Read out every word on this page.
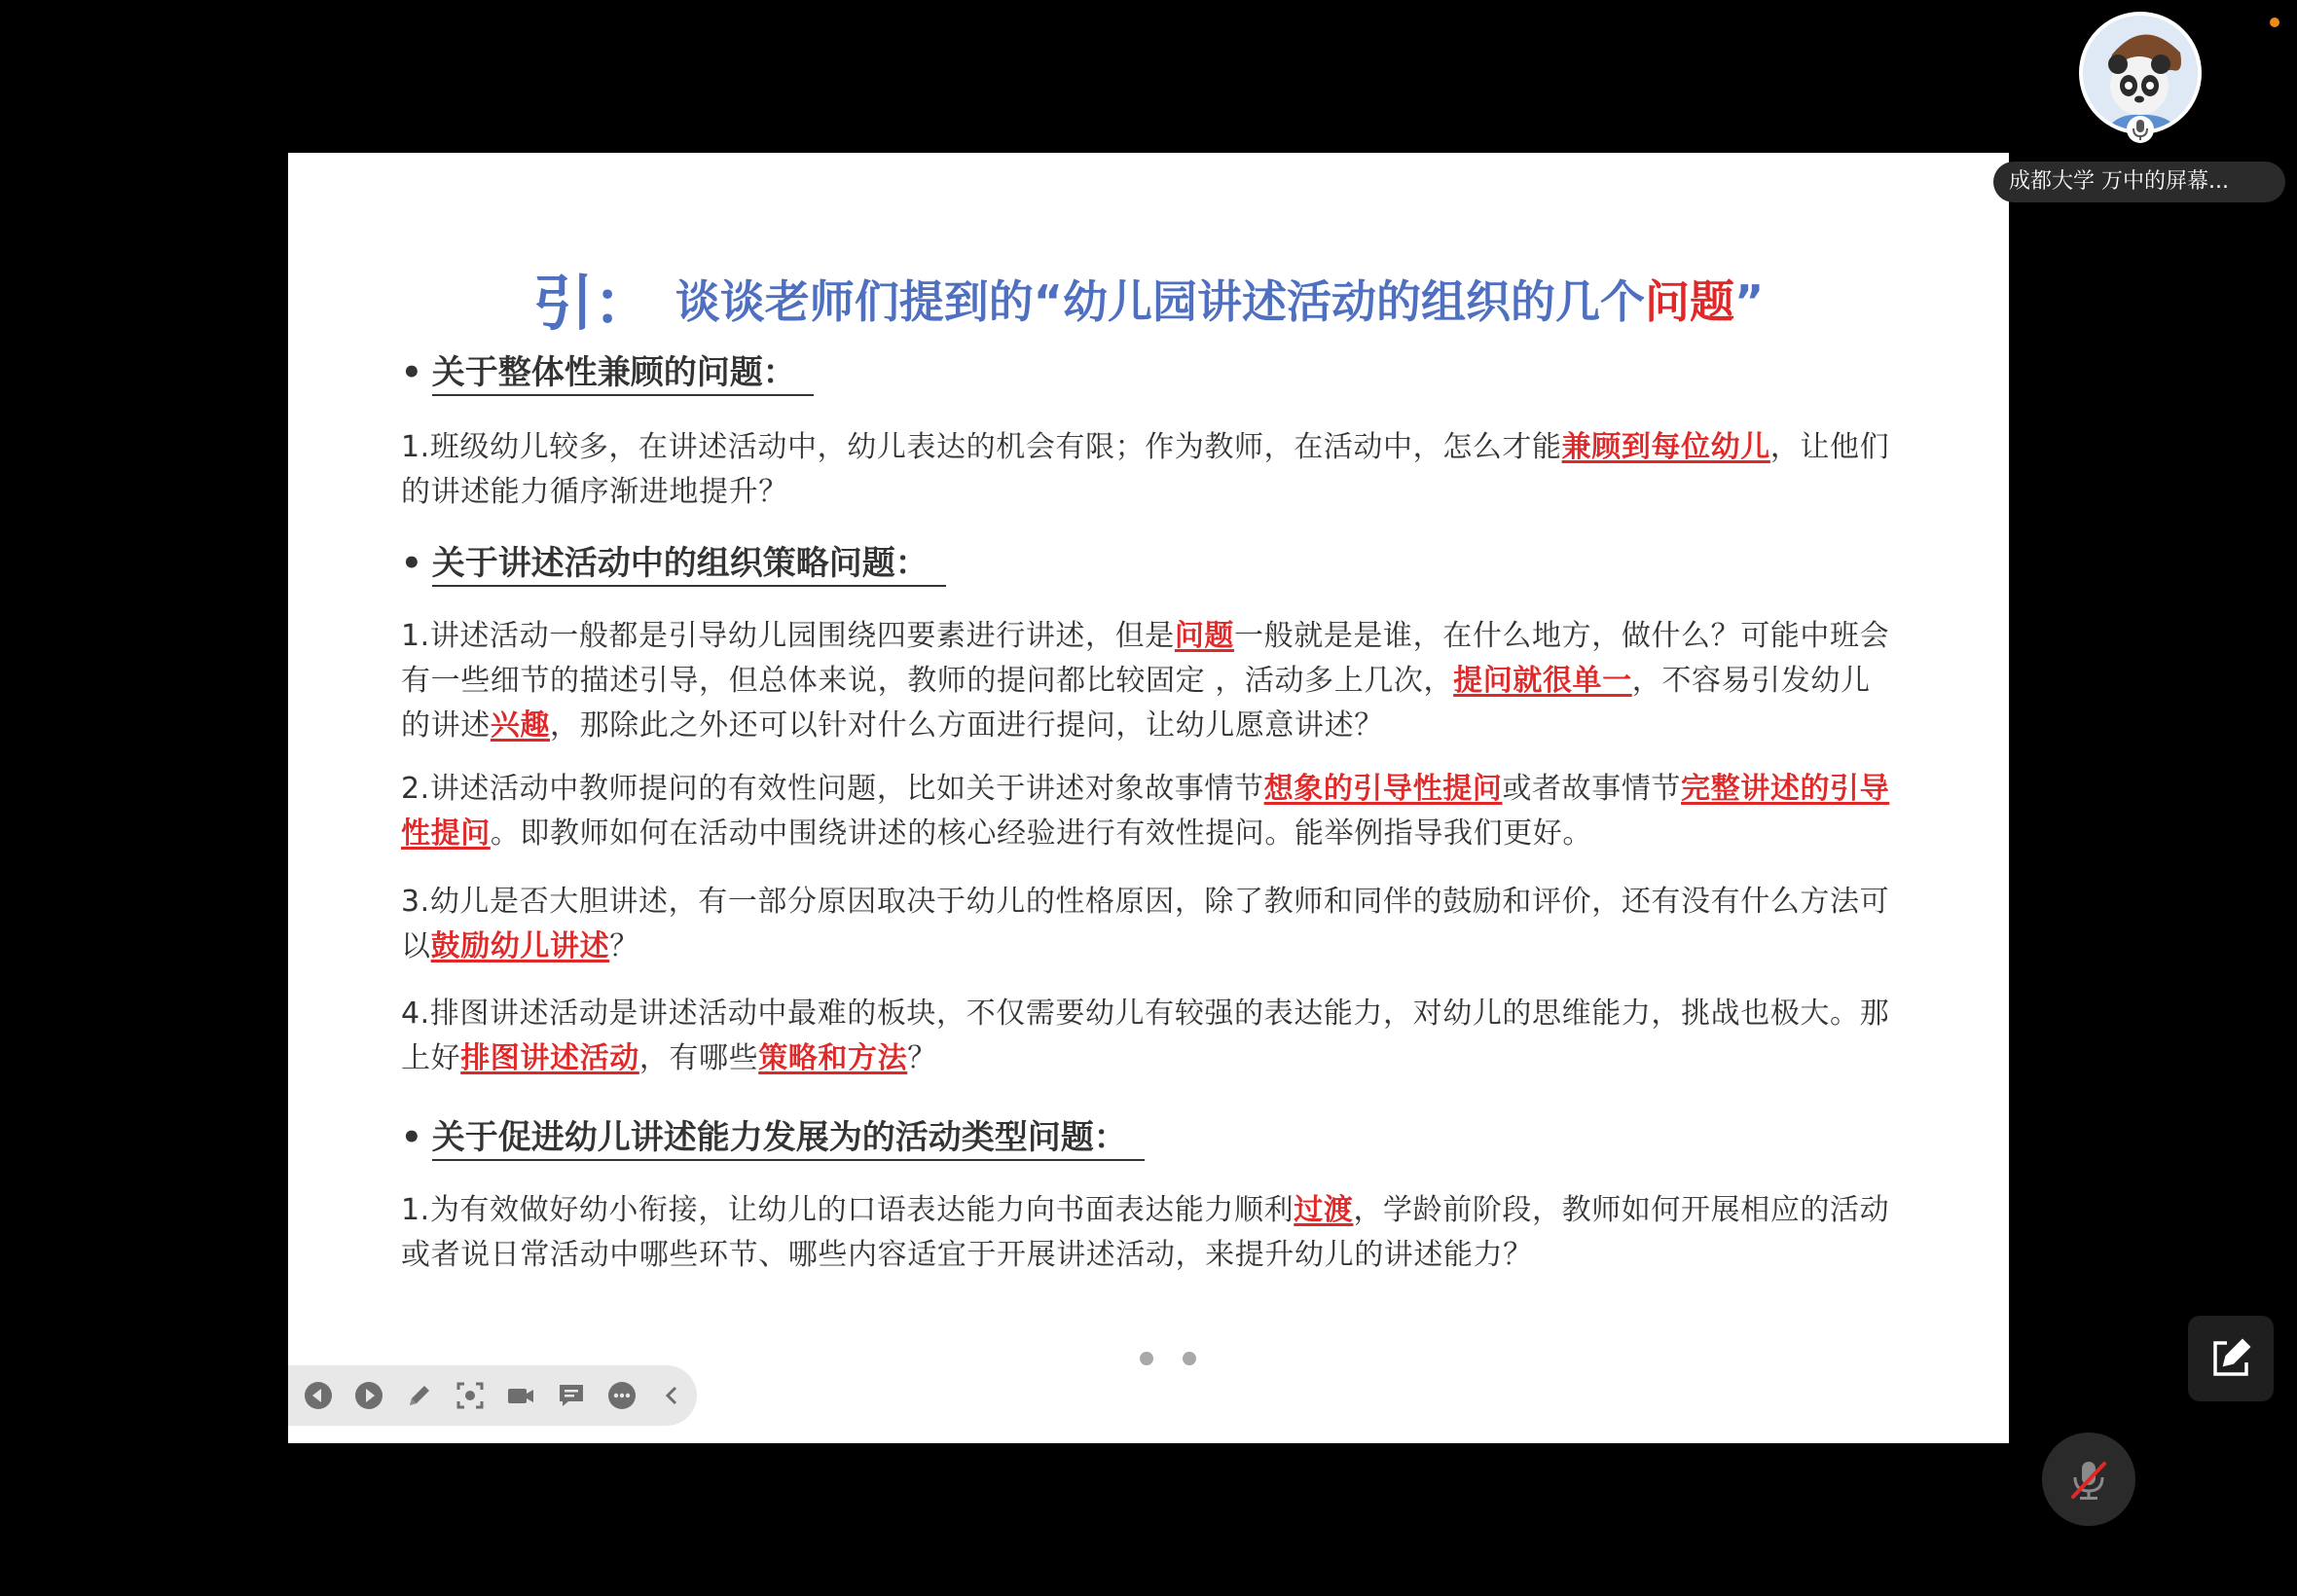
引： 谈谈老师们提到的“幼儿园讲述活动的组织的几个问题”
• 关于整体性兼顾的问题：
1.班级幼儿较多，在讲述活动中，幼儿表达的机会有限；作为教师，在活动中，怎么才能兼顾到每位幼儿，让他们的讲述能力循序渐进地提升？
• 关于讲述活动中的组织策略问题：
1.讲述活动一般都是引导幼儿园围绕四要素进行讲述，但是问题一般就是是谁，在什么地方，做什么？可能中班会有一些细节的描述引导，但总体来说，教师的提问都比较固定 ，活动多上几次，提问就很单一，不容易引发幼儿的讲述兴趣，那除此之外还可以针对什么方面进行提问，让幼儿愿意讲述？
2.讲述活动中教师提问的有效性问题，比如关于讲述对象故事情节想象的引导性提问或者故事情节完整讲述的引导性提问。即教师如何在活动中围绕讲述的核心经验进行有效性提问。能举例指导我们更好。
3.幼儿是否大胆讲述，有一部分原因取决于幼儿的性格原因，除了教师和同伴的鼓励和评价，还有没有什么方法可以鼓励幼儿讲述？
4.排图讲述活动是讲述活动中最难的板块，不仅需要幼儿有较强的表达能力，对幼儿的思维能力，挑战也极大。那上好排图讲述活动，有哪些策略和方法？
• 关于促进幼儿讲述能力发展为的活动类型问题：
1.为有效做好幼小衔接，让幼儿的口语表达能力向书面表达能力顺利过渡，学龄前阶段，教师如何开展相应的活动或者说日常活动中哪些环节、哪些内容适宜于开展讲述活动，来提升幼儿的讲述能力？
成都大学 万中的屏幕...
